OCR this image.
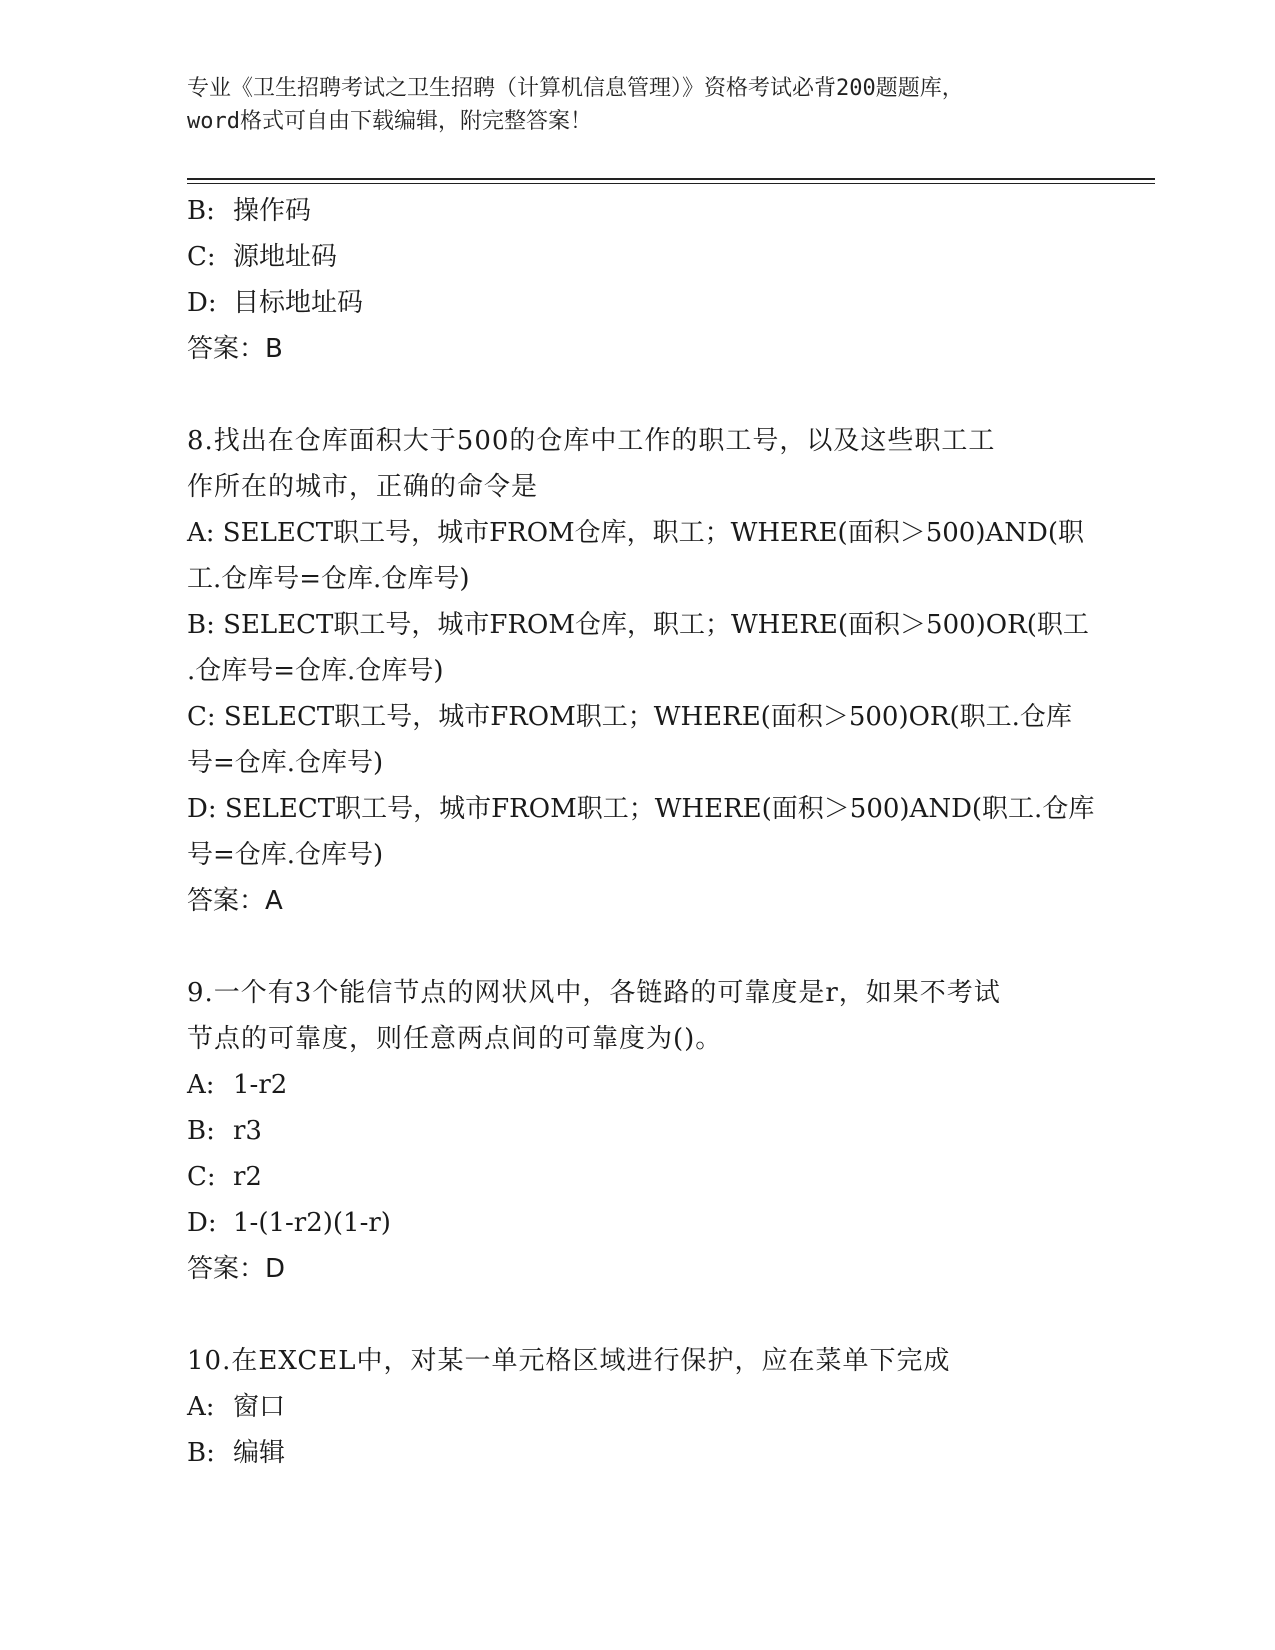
专业《卫生招聘考试之卫生招聘（计算机信息管理）》资格考试必背200题题库，
word格式可自由下载编辑，附完整答案！
B: 操作码
C: 源地址码
D: 目标地址码
答案：B
8.找出在仓库面积大于500的仓库中工作的职工号，以及这些职工工
作所在的城市，正确的命令是
A: SELECT职工号，城市FROM仓库，职工；WHERE(面积＞500)AND(职
工.仓库号=仓库.仓库号)
B: SELECT职工号，城市FROM仓库，职工；WHERE(面积＞500)OR(职工
.仓库号=仓库.仓库号)
C: SELECT职工号，城市FROM职工；WHERE(面积＞500)OR(职工.仓库
号=仓库.仓库号)
D: SELECT职工号，城市FROM职工；WHERE(面积＞500)AND(职工.仓库
号=仓库.仓库号)
答案：A
9.一个有3个能信节点的网状风中，各链路的可靠度是r，如果不考试
节点的可靠度，则任意两点间的可靠度为()。
A: 1-r2
B: r3
C: r2
D: 1-(1-r2)(1-r)
答案：D
10.在EXCEL中，对某一单元格区域进行保护，应在菜单下完成
A: 窗口
B: 编辑
